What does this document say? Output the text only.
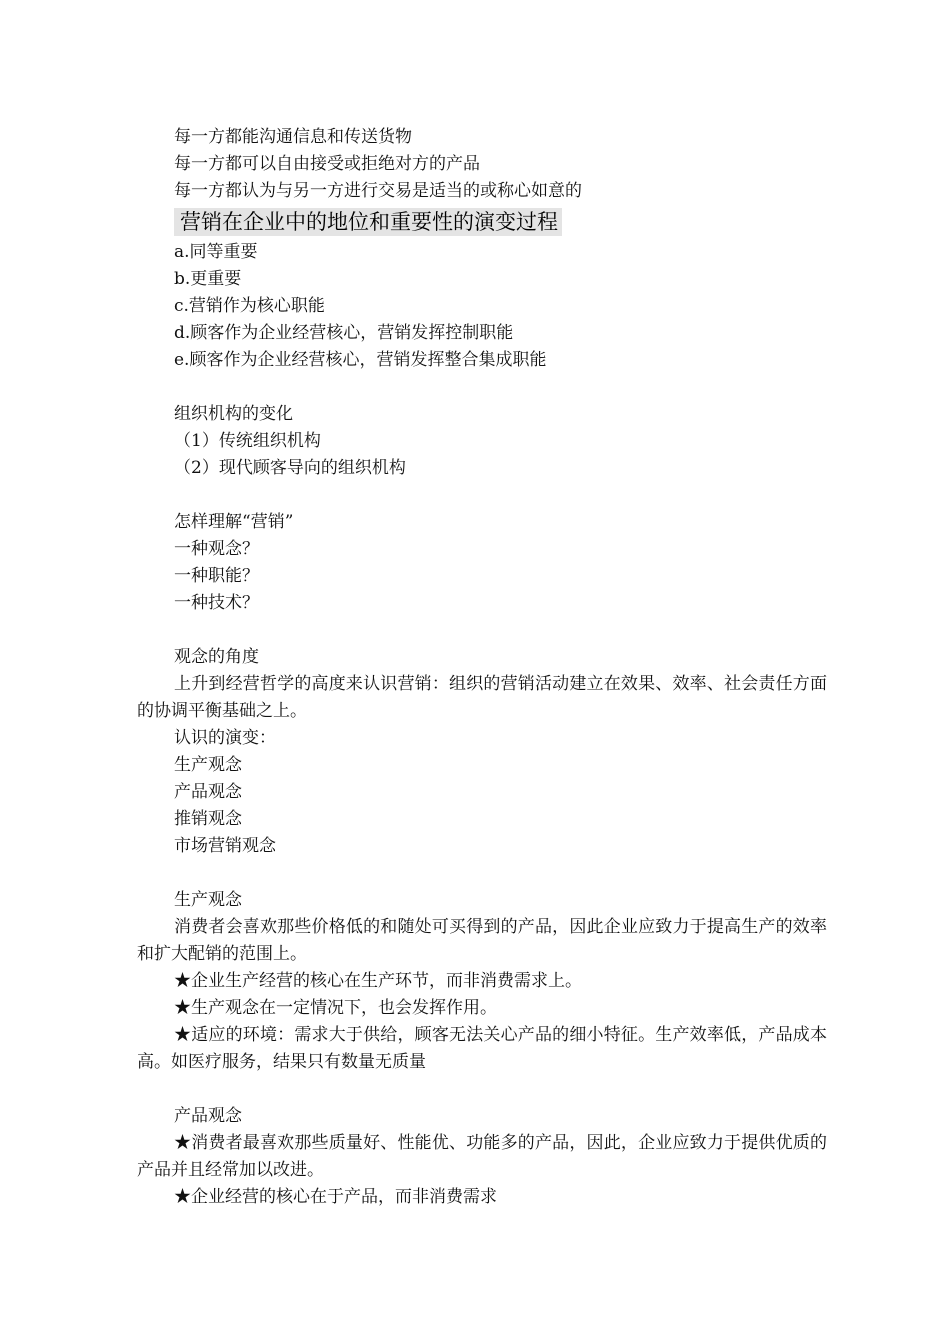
每一方都能沟通信息和传送货物
每一方都可以自由接受或拒绝对方的产品
每一方都认为与另一方进行交易是适当的或称心如意的
营销在企业中的地位和重要性的演变过程
a.同等重要
b.更重要
c.营销作为核心职能
d.顾客作为企业经营核心，营销发挥控制职能
e.顾客作为企业经营核心，营销发挥整合集成职能
组织机构的变化
（1）传统组织机构
（2）现代顾客导向的组织机构
怎样理解“营销”
一种观念？
一种职能？
一种技术？
观念的角度
上升到经营哲学的高度来认识营销：组织的营销活动建立在效果、效率、社会责任方面的协调平衡基础之上。
认识的演变：
生产观念
产品观念
推销观念
市场营销观念
生产观念
消费者会喜欢那些价格低的和随处可买得到的产品，因此企业应致力于提高生产的效率和扩大配销的范围上。
★企业生产经营的核心在生产环节，而非消费需求上。
★生产观念在一定情况下，也会发挥作用。
★适应的环境：需求大于供给，顾客无法关心产品的细小特征。生产效率低，产品成本高。如医疗服务，结果只有数量无质量
产品观念
★消费者最喜欢那些质量好、性能优、功能多的产品，因此，企业应致力于提供优质的产品并且经常加以改进。
★企业经营的核心在于产品，而非消费需求
